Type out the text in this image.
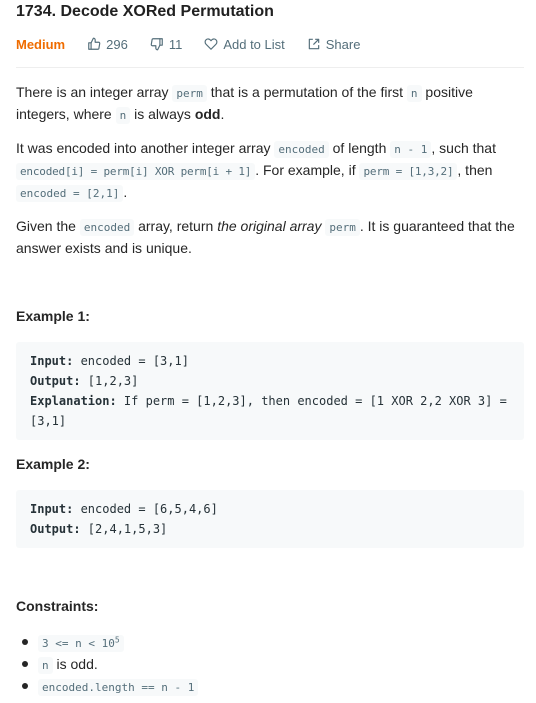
1734. Decode XORed Permutation
Medium	296	11	Add to List	Share

There is an integer array perm that is a permutation of the first n positive integers, where n is always odd.

It was encoded into another integer array encoded of length n - 1 , such that encoded[i] = perm[i] XOR perm[i + 1] . For example, if perm = [1,3,2] , then encoded = [2,1] .

Given the encoded array, return the original array perm . It is guaranteed that the answer exists and is unique.

Example 1:
Input: encoded = [3,1]
Output: [1,2,3]
Explanation: If perm = [1,2,3], then encoded = [1 XOR 2,2 XOR 3] =
[3,1]
Example 2:
Input: encoded = [6,5,4,6]
Output: [2,4,1,5,3]
Constraints:
$3 <= n < 10^5$
n is odd.
encoded.length == n - 1
